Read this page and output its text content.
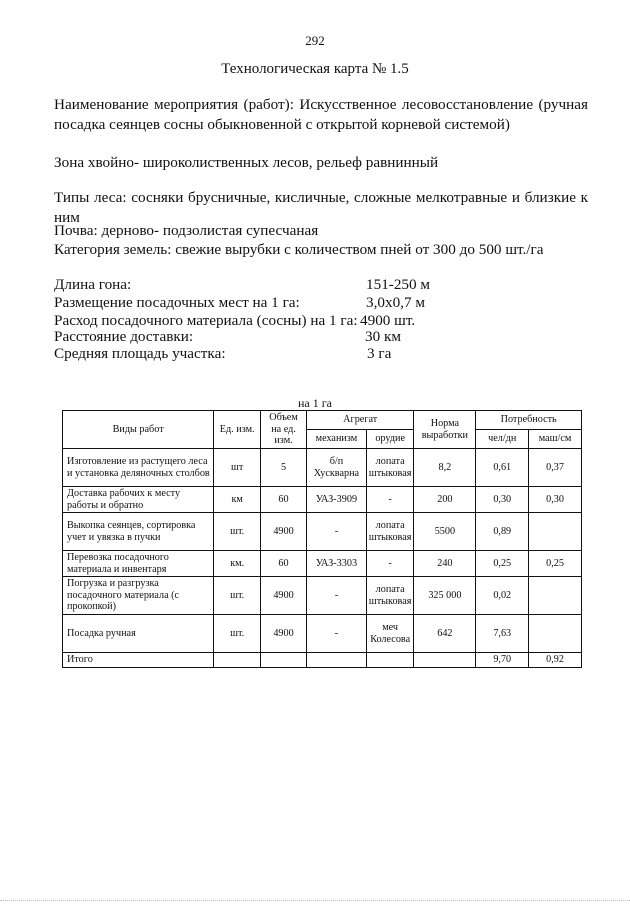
292
Технологическая карта № 1.5
Наименование мероприятия (работ): Искусственное лесовосстановление (ручная
посадка сеянцев сосны обыкновенной с открытой корневой системой)
Зона хвойно- широколиственных лесов, рельеф равнинный
Типы леса: сосняки брусничные, кисличные, сложные мелкотравные и близкие к
ним
Почва: дерново- подзолистая супесчаная
Категория земель: свежие вырубки с количеством пней от 300 до 500 шт./га
Длина гона:	151-250 м
Размещение посадочных мест на 1 га:	3,0х0,7 м
Расход посадочного материала (сосны) на 1 га: 4900 шт.
Расстояние доставки:	30 км
Средняя площадь участка:	3 га
на 1 га
Виды работ	Ед. изм.	Объем на ед. изм.	Агрегат		Норма выработки	Потребность	
			механизм	орудие		чел/дн	маш/см
Изготовление из растущего леса и установка деляночных столбов	шт	5	б/п Хускварна	лопата штыковая	8,2	0,61	0,37
Доставка рабочих к месту работы и обратно	км	60	УАЗ-3909	-	200	0,30	0,30
Выкопка сеянцев, сортировка учет и увязка в пучки	шт.	4900	-	лопата штыковая	5500	0,89	
Перевозка посадочного материала и инвентаря	км.	60	УАЗ-3303	-	240	0,25	0,25
Погрузка и разгрузка посадочного материала (с прокопкой)	шт.	4900	-	лопата штыковая	325 000	0,02	
Посадка ручная	шт.	4900	-	меч Колесова	642	7,63	
Итого						9,70	0,92
